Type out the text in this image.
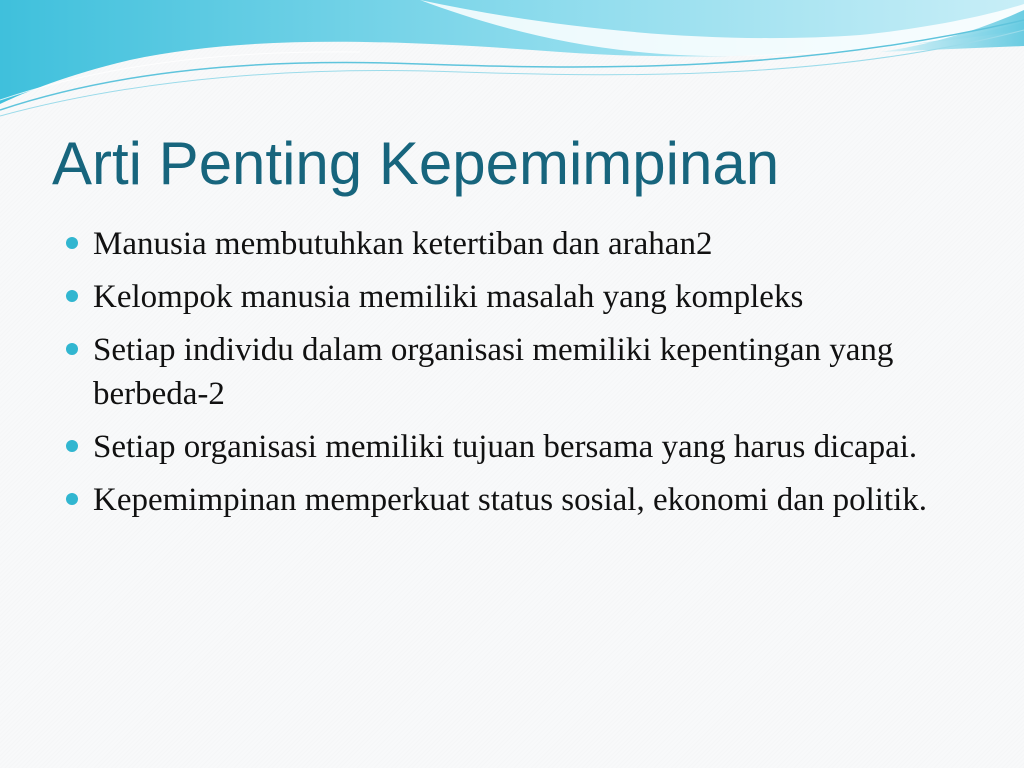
Arti Penting Kepemimpinan
Manusia membutuhkan ketertiban dan arahan2
Kelompok manusia memiliki masalah yang kompleks
Setiap individu dalam organisasi memiliki kepentingan yang berbeda-2
Setiap organisasi memiliki tujuan bersama yang harus dicapai.
Kepemimpinan memperkuat status sosial, ekonomi dan politik.
